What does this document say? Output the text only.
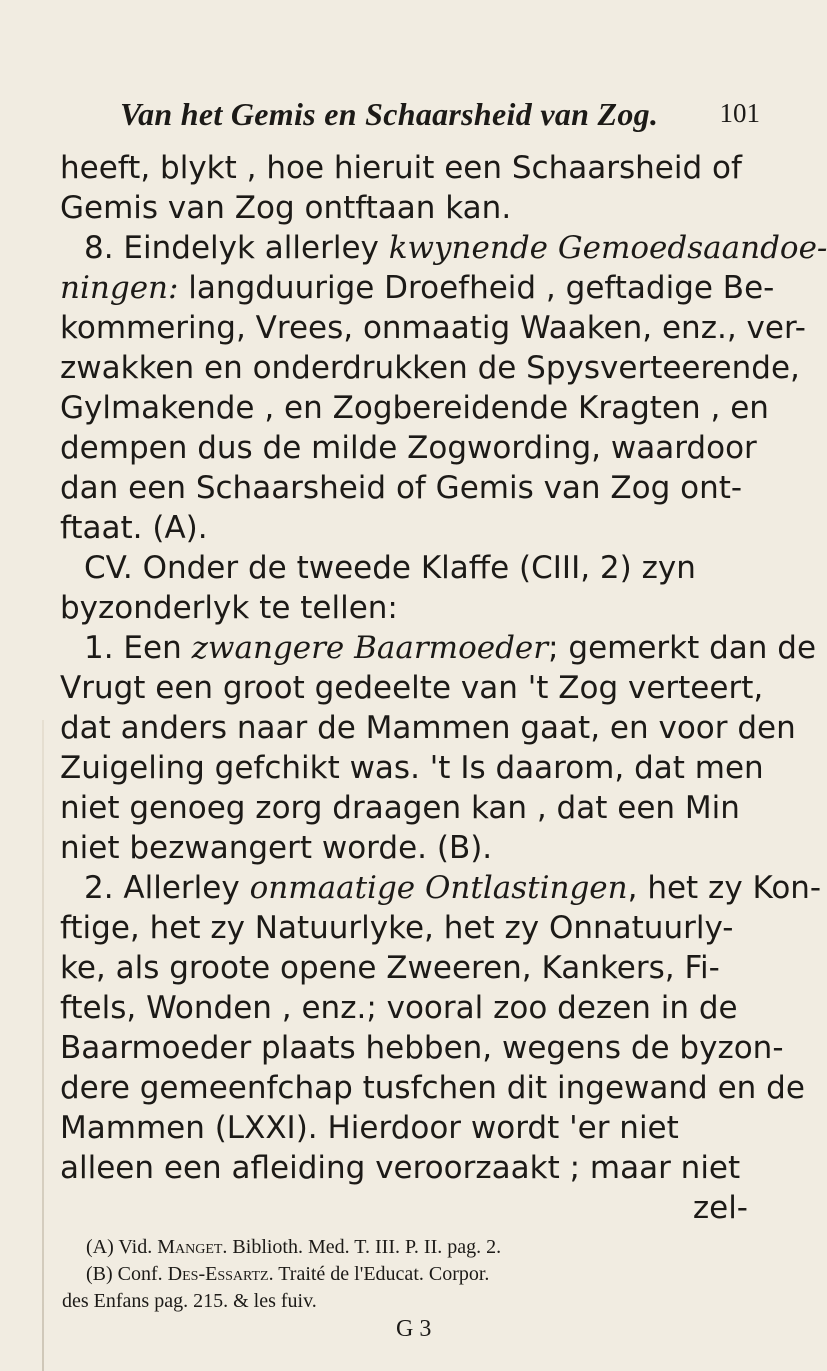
Van het Gemis en Schaarsheid van Zog. 101
heeft, blykt , hoe hieruit een Schaarsheid of
Gemis van Zog ontftaan kan.
8. Eindelyk allerley kwynende Gemoedsaandoe-
ningen: langduurige Droefheid , geftadige Be-
kommering, Vrees, onmaatig Waaken, enz., ver-
zwakken en onderdrukken de Spysverteerende,
Gylmakende , en Zogbereidende Kragten , en
dempen dus de milde Zogwording, waardoor
dan een Schaarsheid of Gemis van Zog ont-
ftaat. (A).
CV. Onder de tweede Klaffe (CIII, 2) zyn
byzonderlyk te tellen:
1. Een zwangere Baarmoeder; gemerkt dan de
Vrugt een groot gedeelte van 't Zog verteert,
dat anders naar de Mammen gaat, en voor den
Zuigeling gefchikt was. 't Is daarom, dat men
niet genoeg zorg draagen kan , dat een Min
niet bezwangert worde. (B).
2. Allerley onmaatige Ontlastingen, het zy Kon-
ftige, het zy Natuurlyke, het zy Onnatuurly-
ke, als groote opene Zweeren, Kankers, Fi-
ftels, Wonden , enz.; vooral zoo dezen in de
Baarmoeder plaats hebben, wegens de byzon-
dere gemeenfchap tusfchen dit ingewand en de
Mammen (LXXI). Hierdoor wordt 'er niet
alleen een afleiding veroorzaakt ; maar niet
zel-
(A) Vid. Manget. Biblioth. Med. T. III. P. II. pag. 2.
(B) Conf. Des-Essartz. Traité de l'Educat. Corpor.
des Enfans pag. 215. & les fuiv.
G 3
